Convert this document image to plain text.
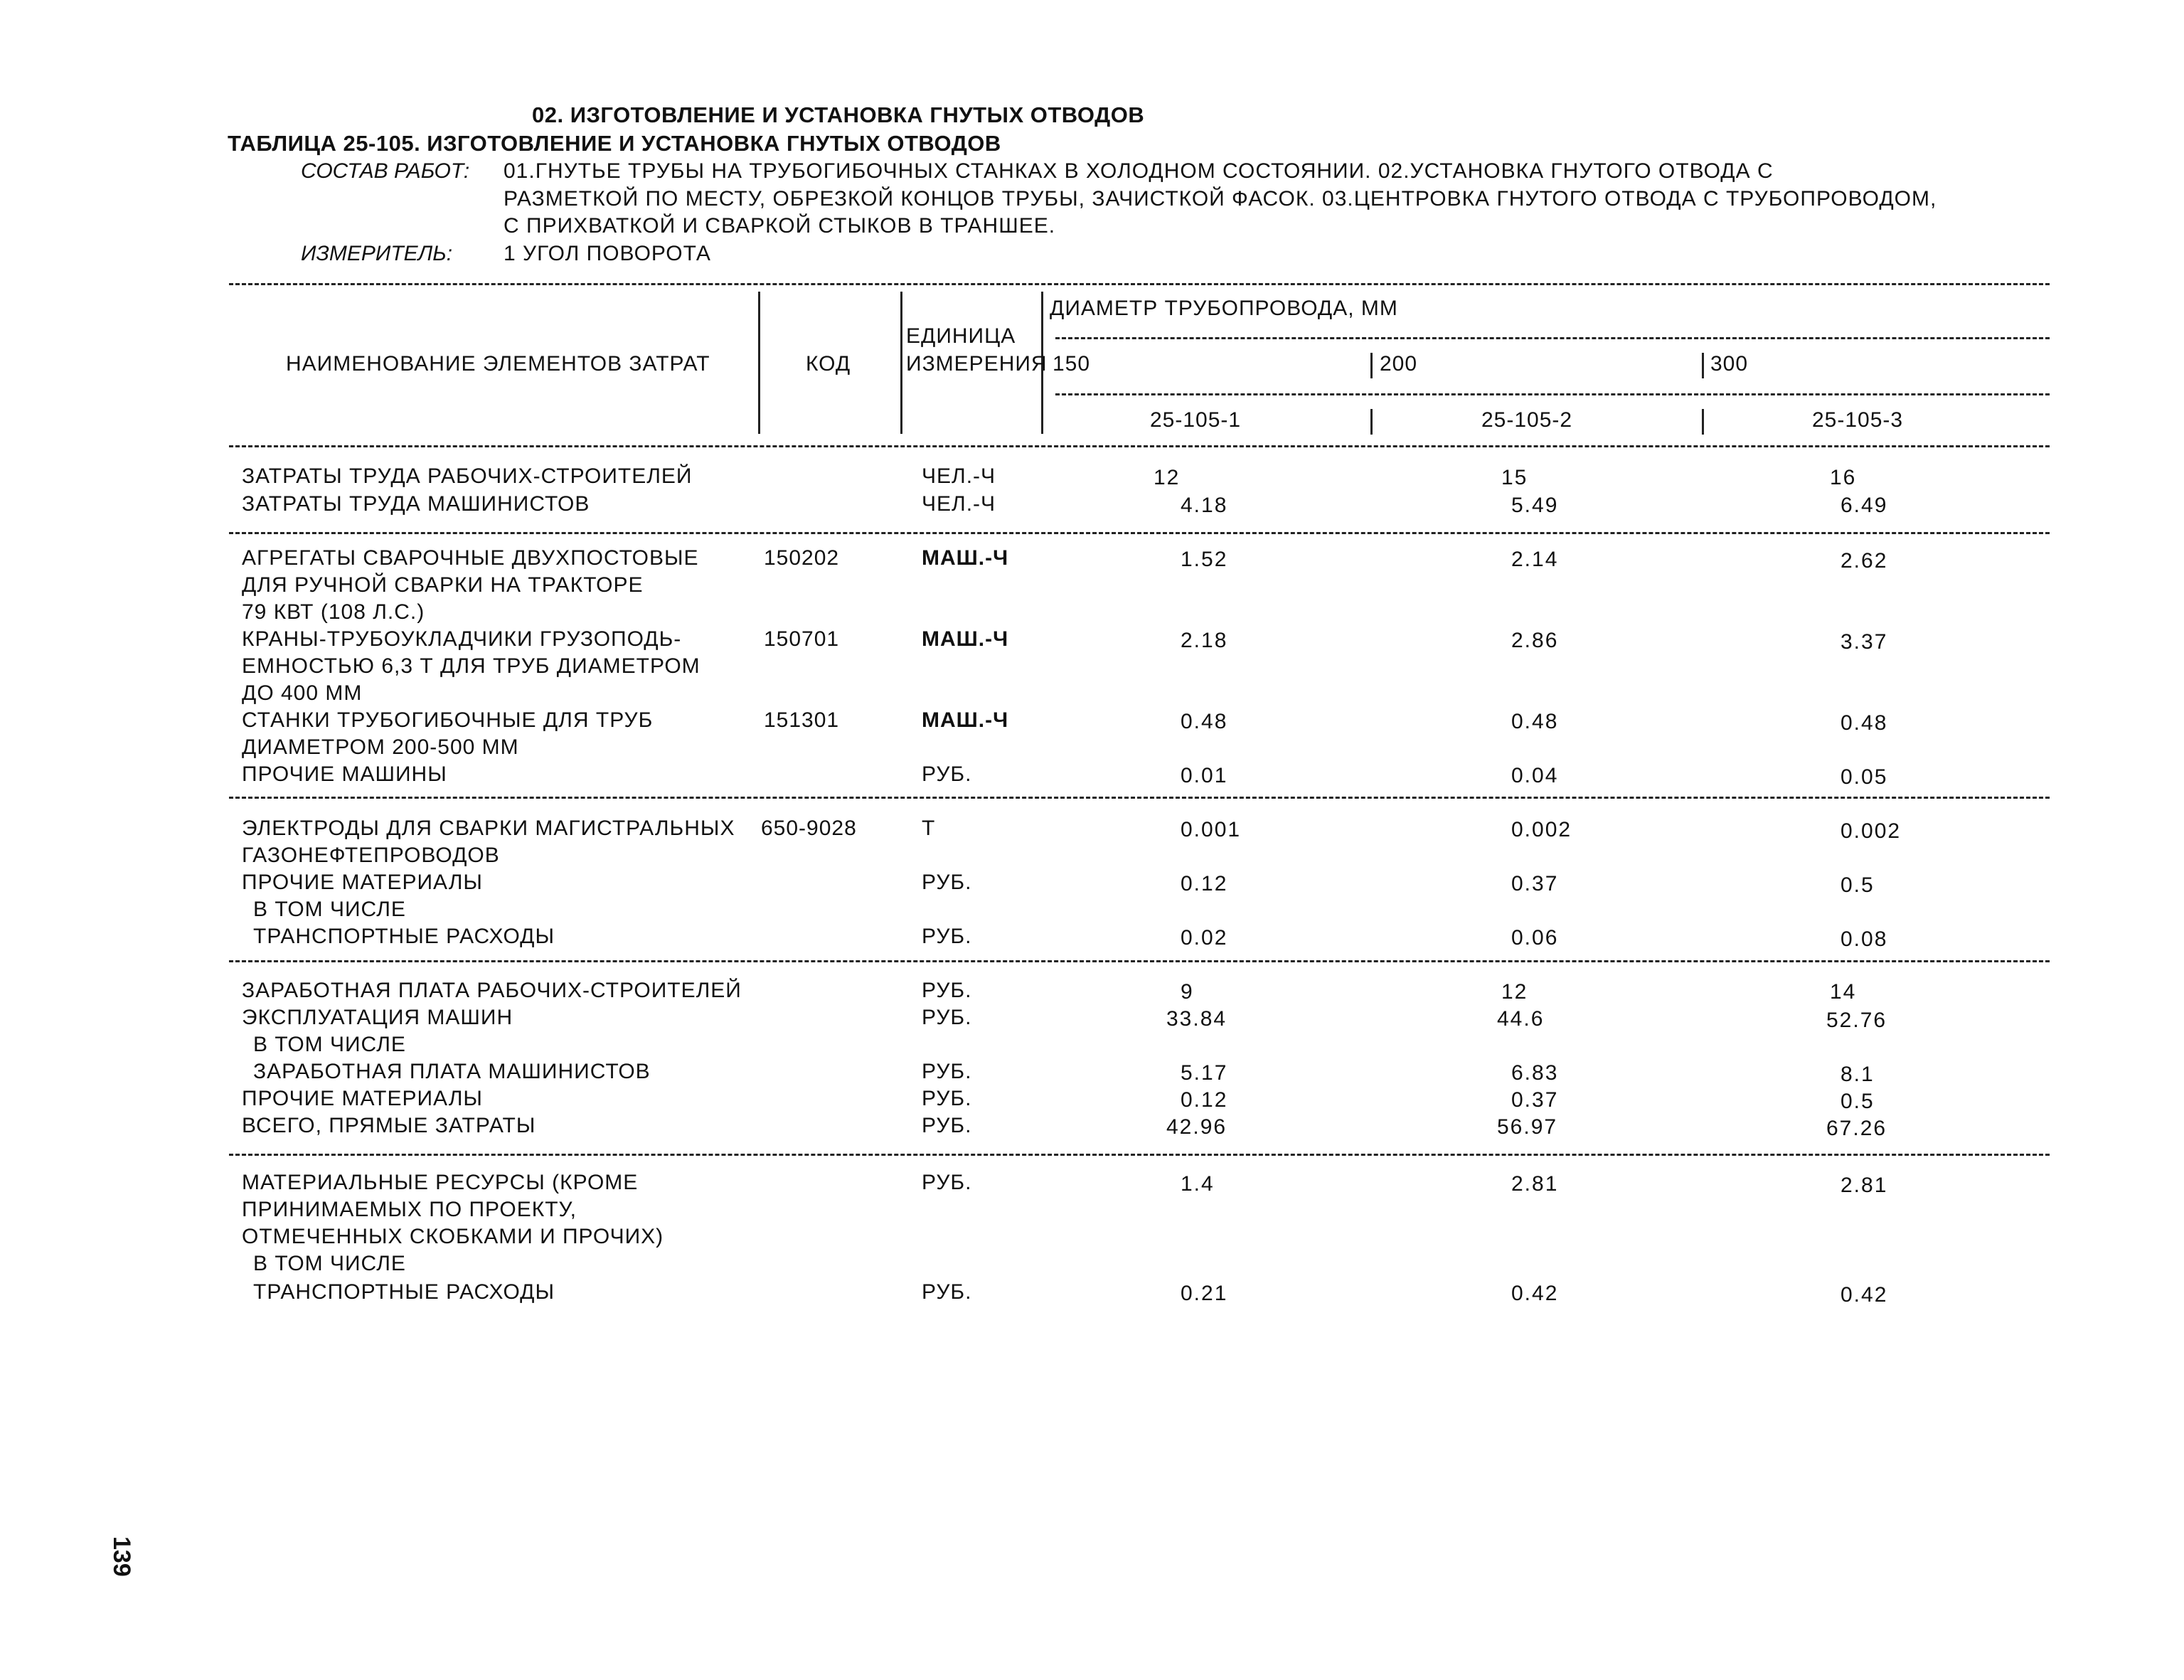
02. ИЗГОТОВЛЕНИЕ И УСТАНОВКА ГНУТЫХ ОТВОДОВ
ТАБЛИЦА 25-105. ИЗГОТОВЛЕНИЕ И УСТАНОВКА ГНУТЫХ ОТВОДОВ
СОСТАВ РАБОТ: 01.ГНУТЬЕ ТРУБЫ НА ТРУБОГИБОЧНЫХ СТАНКАХ В ХОЛОДНОМ СОСТОЯНИИ. 02.УСТАНОВКА ГНУТОГО ОТВОДА С
РАЗМЕТКОЙ ПО МЕСТУ, ОБРЕЗКОЙ КОНЦОВ ТРУБЫ, ЗАЧИСТКОЙ ФАСОК. 03.ЦЕНТРОВКА ГНУТОГО ОТВОДА С ТРУБОПРОВОДОМ,
С ПРИХВАТКОЙ И СВАРКОЙ СТЫКОВ В ТРАНШЕЕ.
ИЗМЕРИТЕЛЬ: 1 УГОЛ ПОВОРОТА
НАИМЕНОВАНИЕ ЭЛЕМЕНТОВ ЗАТРАТ	КОД
ЕДИНИЦА
ИЗМЕРЕНИЯ
ДИАМЕТР ТРУБОПРОВОДА, ММ
150	200	300
25-105-1	25-105-2	25-105-3
ЗАТРАТЫ ТРУДА РАБОЧИХ-СТРОИТЕЛЕЙ	ЧЕЛ.-Ч	12	15	16
ЗАТРАТЫ ТРУДА МАШИНИСТОВ	ЧЕЛ.-Ч	4.18	5.49	6.49
АГРЕГАТЫ СВАРОЧНЫЕ ДВУХПОСТОВЫЕ
ДЛЯ РУЧНОЙ СВАРКИ НА ТРАКТОРЕ
79 КВТ (108 Л.С.)
150202	МАШ.-Ч	1.52	2.14	2.62
КРАНЫ-ТРУБОУКЛАДЧИКИ ГРУЗОПОДЬ-
ЕМНОСТЬЮ 6,3 Т ДЛЯ ТРУБ ДИАМЕТРОМ
ДО 400 ММ
150701	МАШ.-Ч	2.18	2.86	3.37
СТАНКИ ТРУБОГИБОЧНЫЕ ДЛЯ ТРУБ
ДИАМЕТРОМ 200-500 ММ
151301	МАШ.-Ч	0.48	0.48	0.48
ПРОЧИЕ МАШИНЫ	РУБ.	0.01	0.04	0.05
ЭЛЕКТРОДЫ ДЛЯ СВАРКИ МАГИСТРАЛЬНЫХ
ГАЗОНЕФТЕПРОВОДОВ
650-9028	Т	0.001	0.002	0.002
ПРОЧИЕ МАТЕРИАЛЫ	РУБ.	0.12	0.37	0.5
В ТОМ ЧИСЛЕ
ТРАНСПОРТНЫЕ РАСХОДЫ	РУБ.	0.02	0.06	0.08
ЗАРАБОТНАЯ ПЛАТА РАБОЧИХ-СТРОИТЕЛЕЙ	РУБ.	9	12	14
ЭКСПЛУАТАЦИЯ МАШИН	РУБ.	33.84	44.6	52.76
В ТОМ ЧИСЛЕ
ЗАРАБОТНАЯ ПЛАТА МАШИНИСТОВ	РУБ.	5.17	6.83	8.1
ПРОЧИЕ МАТЕРИАЛЫ	РУБ.	0.12	0.37	0.5
ВСЕГО, ПРЯМЫЕ ЗАТРАТЫ	РУБ.	42.96	56.97	67.26
МАТЕРИАЛЬНЫЕ РЕСУРСЫ (КРОМЕ
ПРИНИМАЕМЫХ ПО ПРОЕКТУ,
ОТМЕЧЕННЫХ СКОБКАМИ И ПРОЧИХ)
РУБ.	1.4	2.81	2.81
В ТОМ ЧИСЛЕ
ТРАНСПОРТНЫЕ РАСХОДЫ	РУБ.	0.21	0.42	0.42
139
